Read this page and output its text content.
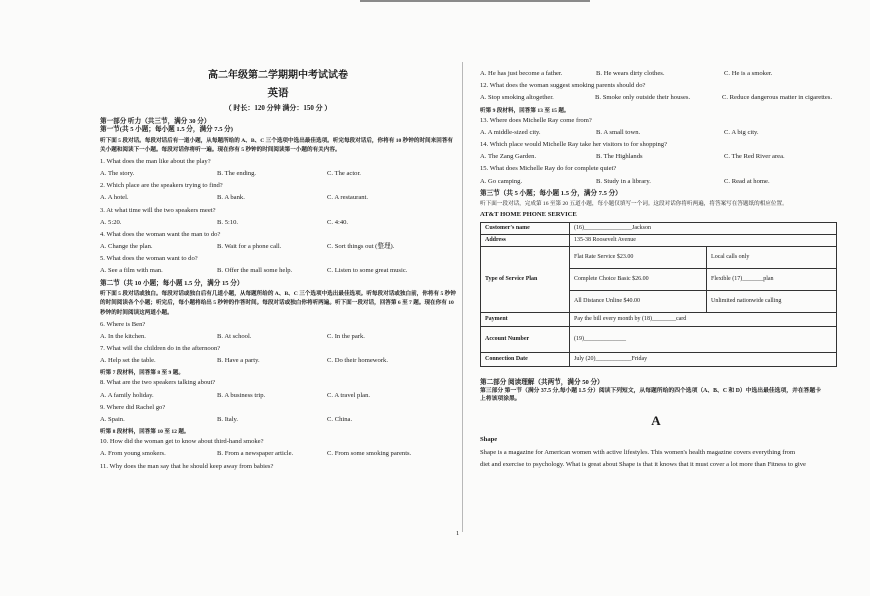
高二年级第二学期期中考试试卷
英语
（ 时长：120 分钟 满分：150 分 ）
第一部分 听力（共三节，满分 30 分）
第一节(共 5 小题；每小题 1.5 分，满分 7.5 分)
听下面 5 段对话。每段对话后有一道小题，从每题所给的 A、B、C 三个选项中选出最佳选项。听完每段对话后，你将有 10 秒钟的时间来回答有关小题和阅读下一小题。每段对话你将听一遍。现在你有 5 秒钟的时间阅读第一小题的有关内容。
1. What does the man like about the play?
A. The story.	B. The ending.	C. The actor.
2. Which place are the speakers trying to find?
A. A hotel.	B. A bank.	C. A restaurant.
3. At what time will the two speakers meet?
A. 5:20.	B. 5:10.	C. 4:40.
4. What does the woman want the man to do?
A. Change the plan.	B. Wait for a phone call.	C. Sort things out (整理).
5. What does the woman want to do?
A. See a film with man.	B. Offer the mall some help.	C. Listen to some great music.
第二节（共 10 小题；每小题 1.5 分，满分 15 分）
听下面 5 段对话或独白。每段对话或独白后有几道小题，从每题所给的 A、B、C 三个选项中选出最佳选项。听每段对话或独白前，你将有 5 秒钟的时间阅读各个小题；听完后，每小题将给出 5 秒钟的作答时间。每段对话或独白你将听两遍。听下面一段对话，回答第 6 至 7 题。现在你有 10 秒钟的时间阅读这两道小题。
6. Where is Ben?
A. In the kitchen.	B. At school.	C. In the park.
7. What will the children do in the afternoon?
A. Help set the table.	B. Have a party.	C. Do their homework.
听第 7 段材料，回答第 8 至 9 题。
8. What are the two speakers talking about?
A. A family holiday.	B. A business trip.	C. A travel plan.
9. Where did Rachel go?
A. Spain.	B. Italy.	C. China.
听第 8 段材料，回答第 10 至 12 题。
10. How did the woman get to know about third-hand smoke?
A. From young smokers.	B. From a newspaper article.	C. From some smoking parents.
11. Why does the man say that he should keep away from babies?
A. He has just become a father.	B. He wears dirty clothes.	C. He is a smoker.
12. What does the woman suggest smoking parents should do?
A. Stop smoking altogether.	B. Smoke only outside their houses.	C. Reduce dangerous matter in cigarettes.
听第 9 段材料，回答第 13 至 15 题。
13. Where does Michelle Ray come from?
A. A middle-sized city.	B. A small town.	C. A big city.
14. Which place would Michelle Ray take her visitors to for shopping?
A. The Zang Garden.	B. The Highlands	C. The Red River area.
15. What does Michelle Ray do for complete quiet?
A. Go camping.	B. Study in a library.	C. Read at home.
第三节（共 5 小题；每小题 1.5 分，满分 7.5 分）
听下面一段对话，完成第 16 至第 20 五道小题，每小题仅填写一个词。这段对话你将听两遍，将答案写在答题纸的相应位置。
AT&T HOME PHONE SERVICE
Customer's name	(16)________________Jackson	
Address	135-38 Roosevelt Avenue	
Type of Service Plan	Flat Rate Service $23.00	Local calls only
	Complete Choice Basic $26.00	Flexible (17)_______plan
	All Distance Unline $40.00	Unlimited nationwide calling
Payment	Pay the bill every month by (18)________card	
Account Number	(19)______________	
Connection Date	July (20)____________Friday	
第二部分 阅读理解（共两节，满分 50 分）
第三部分 第一节（满分 37.5 分,每小题 1.5 分）阅读下列短文，从每题所给的四个选项（A、B、C 和 D）中选出最佳选项，并在答题卡
上将该项涂黑。
A
Shape
Shape is a magazine for American women with active lifestyles. This women's health magazine covers everything from
diet and exercise to psychology. What is great about Shape is that it knows that it must cover a lot more than Fitness to give
1
